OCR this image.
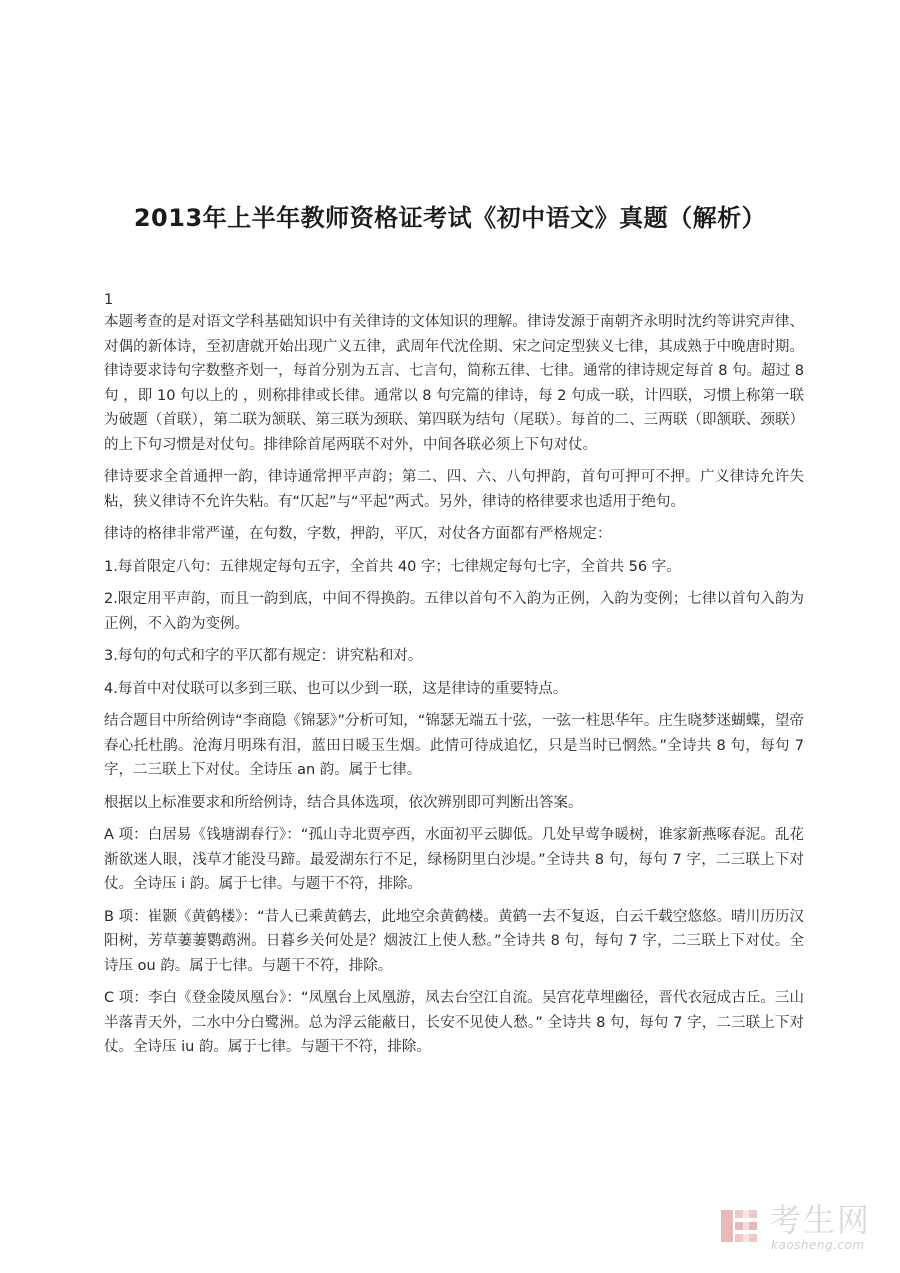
2013年上半年教师资格证考试《初中语文》真题（解析）

1

本题考查的是对语文学科基础知识中有关律诗的文体知识的理解。律诗发源于南朝齐永明时沈约等讲究声律、对偶的新体诗，至初唐就开始出现广义五律，武周年代沈佺期、宋之问定型狭义七律，其成熟于中晚唐时期。律诗要求诗句字数整齐划一，每首分别为五言、七言句，简称五律、七律。通常的律诗规定每首 8 句。超过 8 句 ，即 10 句以上的 ，则称排律或长律。通常以 8 句完篇的律诗，每 2 句成一联，计四联，习惯上称第一联为破题（首联），第二联为颔联、第三联为颈联、第四联为结句（尾联）。每首的二、三两联（即颔联、颈联）的上下句习惯是对仗句。排律除首尾两联不对外，中间各联必须上下句对仗。

律诗要求全首通押一韵，律诗通常押平声韵；第二、四、六、八句押韵，首句可押可不押。广义律诗允许失粘，狭义律诗不允许失粘。有“仄起”与“平起”两式。另外，律诗的格律要求也适用于绝句。

律诗的格律非常严谨，在句数，字数，押韵，平仄，对仗各方面都有严格规定：

1.每首限定八句：五律规定每句五字，全首共 40 字；七律规定每句七字，全首共 56 字。

2.限定用平声韵，而且一韵到底，中间不得换韵。五律以首句不入韵为正例，入韵为变例；七律以首句入韵为正例，不入韵为变例。

3.每句的句式和字的平仄都有规定：讲究粘和对。

4.每首中对仗联可以多到三联、也可以少到一联，这是律诗的重要特点。

结合题目中所给例诗“李商隐《锦瑟》”分析可知，“锦瑟无端五十弦，一弦一柱思华年。庄生晓梦迷蝴蝶，望帝春心托杜鹃。沧海月明珠有泪，蓝田日暖玉生烟。此情可待成追忆，只是当时已惘然。”全诗共 8 句，每句 7 字，二三联上下对仗。全诗压 an 韵。属于七律。

根据以上标准要求和所给例诗，结合具体选项，依次辨别即可判断出答案。

A 项：白居易《钱塘湖春行》：“孤山寺北贾亭西，水面初平云脚低。几处早莺争暖树，谁家新燕啄春泥。乱花渐欲迷人眼，浅草才能没马蹄。最爱湖东行不足，绿杨阴里白沙堤。”全诗共 8 句，每句 7 字，二三联上下对仗。全诗压 i 韵。属于七律。与题干不符，排除。

B 项：崔颢《黄鹤楼》：“昔人已乘黄鹤去，此地空余黄鹤楼。黄鹤一去不复返，白云千载空悠悠。晴川历历汉阳树，芳草萋萋鹦鹉洲。日暮乡关何处是？烟波江上使人愁。”全诗共 8 句，每句 7 字，二三联上下对仗。全诗压 ou 韵。属于七律。与题干不符，排除。

C 项：李白《登金陵凤凰台》：“凤凰台上凤凰游，凤去台空江自流。吴宫花草埋幽径，晋代衣冠成古丘。三山半落青天外，二水中分白鹭洲。总为浮云能蔽日，长安不见使人愁。” 全诗共 8 句，每句 7 字，二三联上下对仗。全诗压 iu 韵。属于七律。与题干不符，排除。

考生网
kaosheng.com
